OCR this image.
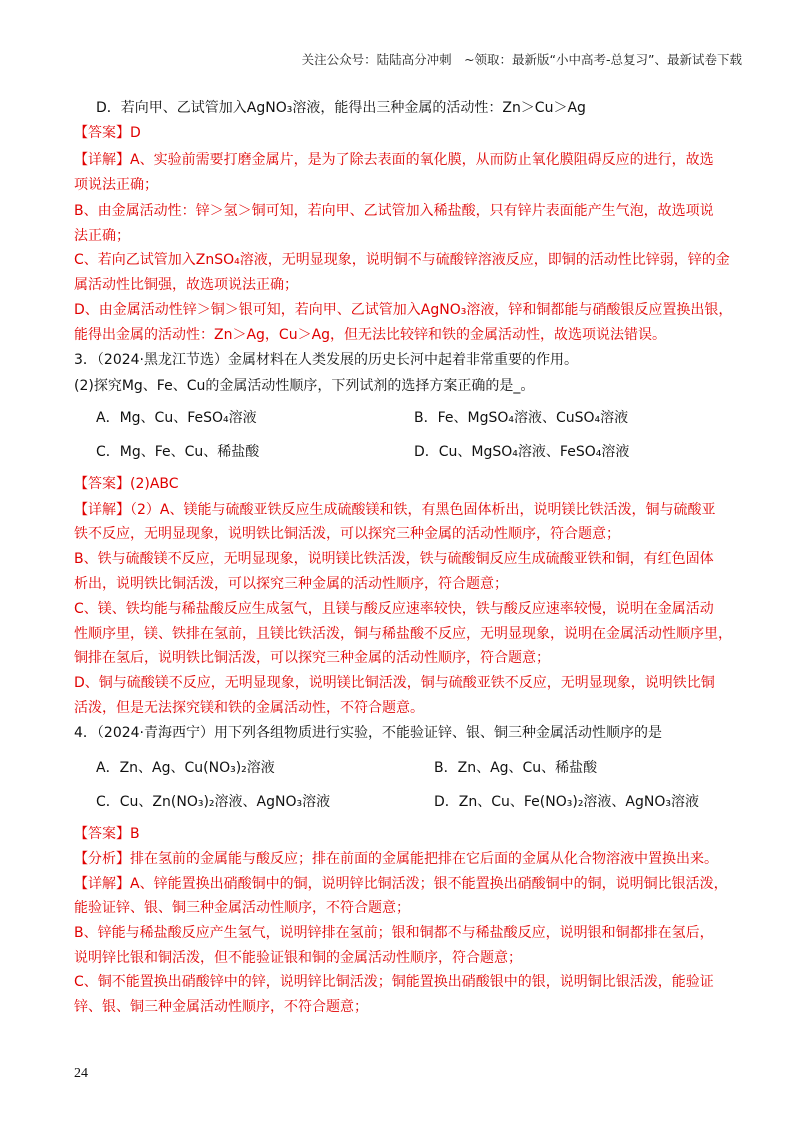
关注公众号：陆陆高分冲刺　~领取：最新版“小中高考-总复习”、最新试卷下载
D．若向甲、乙试管加入AgNO₃溶液，能得出三种金属的活动性：Zn＞Cu＞Ag
【答案】D
【详解】A、实验前需要打磨金属片，是为了除去表面的氧化膜，从而防止氧化膜阻碍反应的进行，故选
项说法正确；
B、由金属活动性：锌＞氢＞铜可知，若向甲、乙试管加入稀盐酸，只有锌片表面能产生气泡，故选项说
法正确；
C、若向乙试管加入ZnSO₄溶液，无明显现象，说明铜不与硫酸锌溶液反应，即铜的活动性比锌弱，锌的金
属活动性比铜强，故选项说法正确；
D、由金属活动性锌＞铜＞银可知，若向甲、乙试管加入AgNO₃溶液，锌和铜都能与硝酸银反应置换出银，
能得出金属的活动性：Zn＞Ag，Cu＞Ag，但无法比较锌和铁的金属活动性，故选项说法错误。
3．（2024·黑龙江节选）金属材料在人类发展的历史长河中起着非常重要的作用。
(2)探究Mg、Fe、Cu的金属活动性顺序，下列试剂的选择方案正确的是_。
A．Mg、Cu、FeSO₄溶液	B．Fe、MgSO₄溶液、CuSO₄溶液
C．Mg、Fe、Cu、稀盐酸	D．Cu、MgSO₄溶液、FeSO₄溶液
【答案】(2)ABC
【详解】（2）A、镁能与硫酸亚铁反应生成硫酸镁和铁，有黑色固体析出，说明镁比铁活泼，铜与硫酸亚
铁不反应，无明显现象，说明铁比铜活泼，可以探究三种金属的活动性顺序，符合题意；
B、铁与硫酸镁不反应，无明显现象，说明镁比铁活泼，铁与硫酸铜反应生成硫酸亚铁和铜，有红色固体
析出，说明铁比铜活泼，可以探究三种金属的活动性顺序，符合题意；
C、镁、铁均能与稀盐酸反应生成氢气，且镁与酸反应速率较快，铁与酸反应速率较慢，说明在金属活动
性顺序里，镁、铁排在氢前，且镁比铁活泼，铜与稀盐酸不反应，无明显现象，说明在金属活动性顺序里，
铜排在氢后，说明铁比铜活泼，可以探究三种金属的活动性顺序，符合题意；
D、铜与硫酸镁不反应，无明显现象，说明镁比铜活泼，铜与硫酸亚铁不反应，无明显现象，说明铁比铜
活泼，但是无法探究镁和铁的金属活动性，不符合题意。
4．（2024·青海西宁）用下列各组物质进行实验，不能验证锌、银、铜三种金属活动性顺序的是
A．Zn、Ag、Cu(NO₃)₂溶液	B．Zn、Ag、Cu、稀盐酸
C．Cu、Zn(NO₃)₂溶液、AgNO₃溶液	D．Zn、Cu、Fe(NO₃)₂溶液、AgNO₃溶液
【答案】B
【分析】排在氢前的金属能与酸反应；排在前面的金属能把排在它后面的金属从化合物溶液中置换出来。
【详解】A、锌能置换出硝酸铜中的铜，说明锌比铜活泼；银不能置换出硝酸铜中的铜，说明铜比银活泼，
能验证锌、银、铜三种金属活动性顺序，不符合题意；
B、锌能与稀盐酸反应产生氢气，说明锌排在氢前；银和铜都不与稀盐酸反应，说明银和铜都排在氢后，
说明锌比银和铜活泼，但不能验证银和铜的金属活动性顺序，符合题意；
C、铜不能置换出硝酸锌中的锌，说明锌比铜活泼；铜能置换出硝酸银中的银，说明铜比银活泼，能验证
锌、银、铜三种金属活动性顺序，不符合题意；
24
